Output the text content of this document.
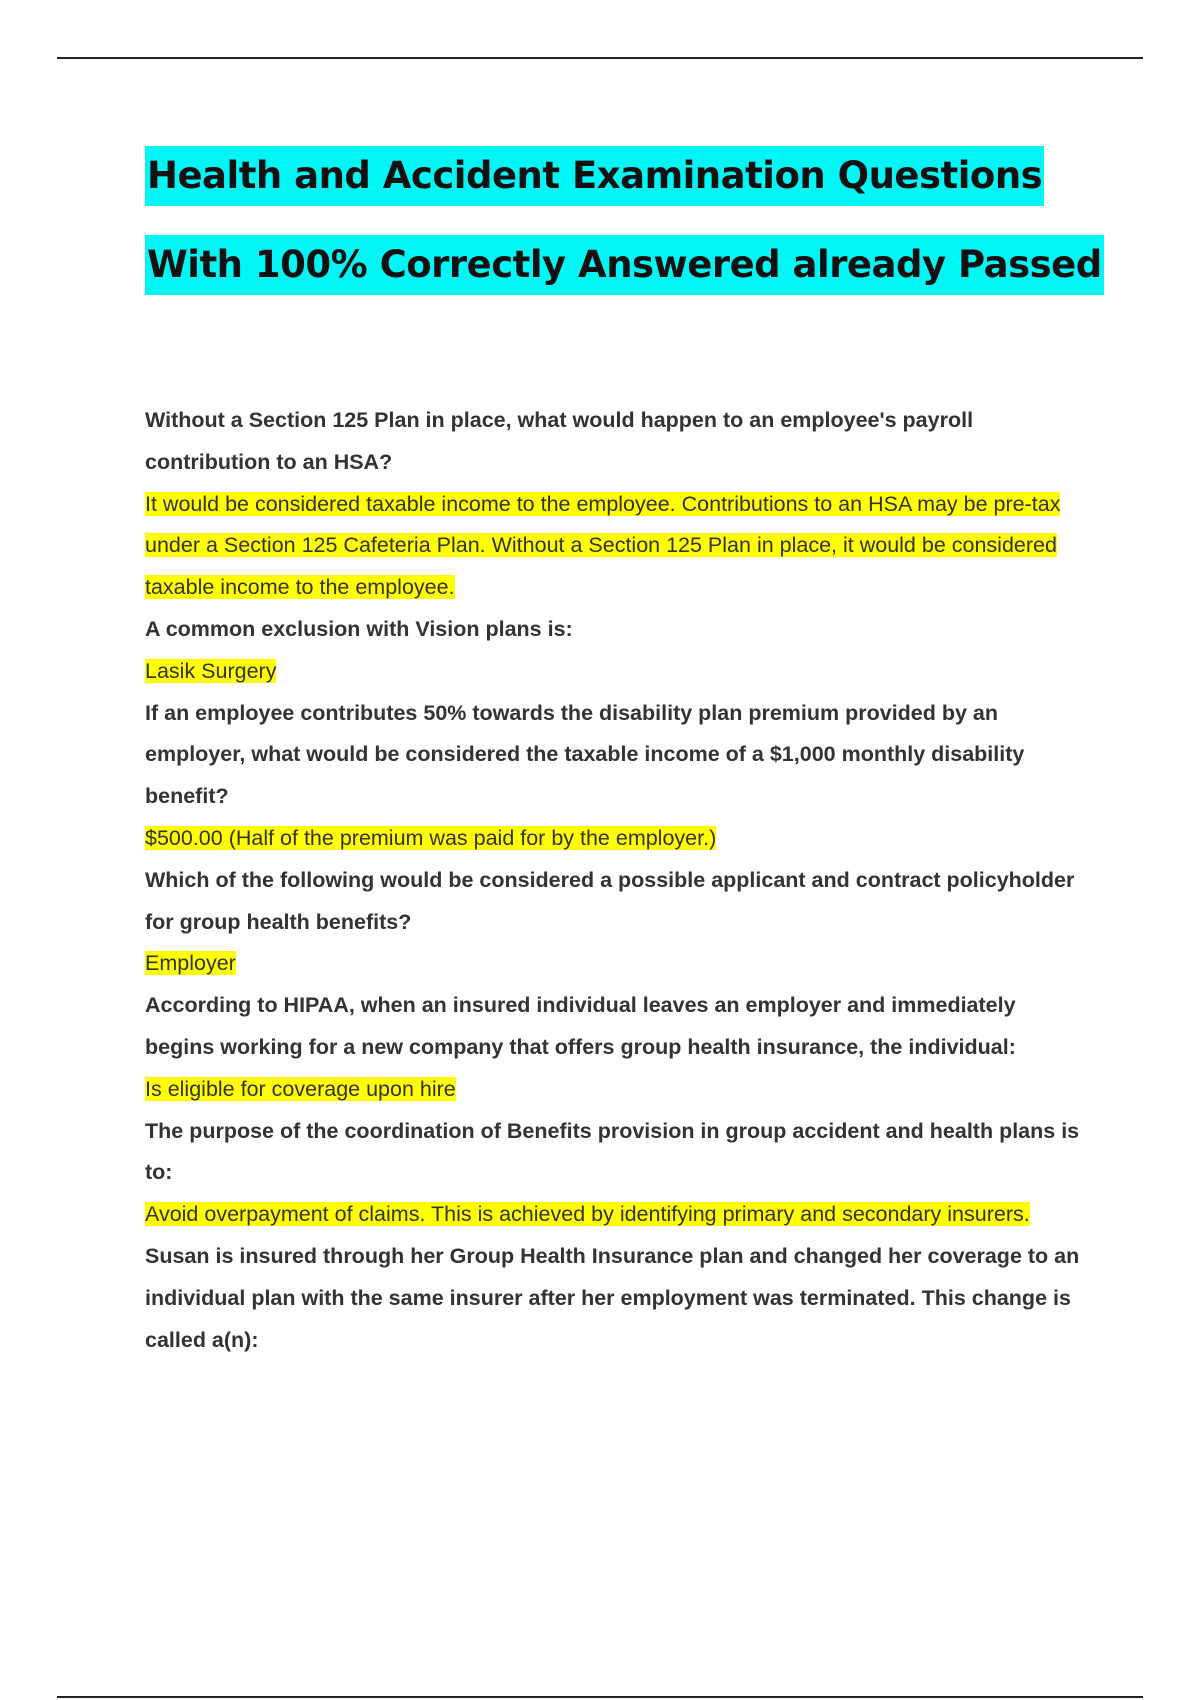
Health and Accident Examination Questions
With 100% Correctly Answered already Passed

Without a Section 125 Plan in place, what would happen to an employee's payroll contribution to an HSA?

It would be considered taxable income to the employee. Contributions to an HSA may be pre-tax under a Section 125 Cafeteria Plan. Without a Section 125 Plan in place, it would be considered taxable income to the employee.

A common exclusion with Vision plans is:

Lasik Surgery

If an employee contributes 50% towards the disability plan premium provided by an employer, what would be considered the taxable income of a $1,000 monthly disability benefit?

$500.00 (Half of the premium was paid for by the employer.)

Which of the following would be considered a possible applicant and contract policyholder for group health benefits?

Employer

According to HIPAA, when an insured individual leaves an employer and immediately begins working for a new company that offers group health insurance, the individual:

Is eligible for coverage upon hire

The purpose of the coordination of Benefits provision in group accident and health plans is to:

Avoid overpayment of claims. This is achieved by identifying primary and secondary insurers.

Susan is insured through her Group Health Insurance plan and changed her coverage to an individual plan with the same insurer after her employment was terminated. This change is called a(n):
